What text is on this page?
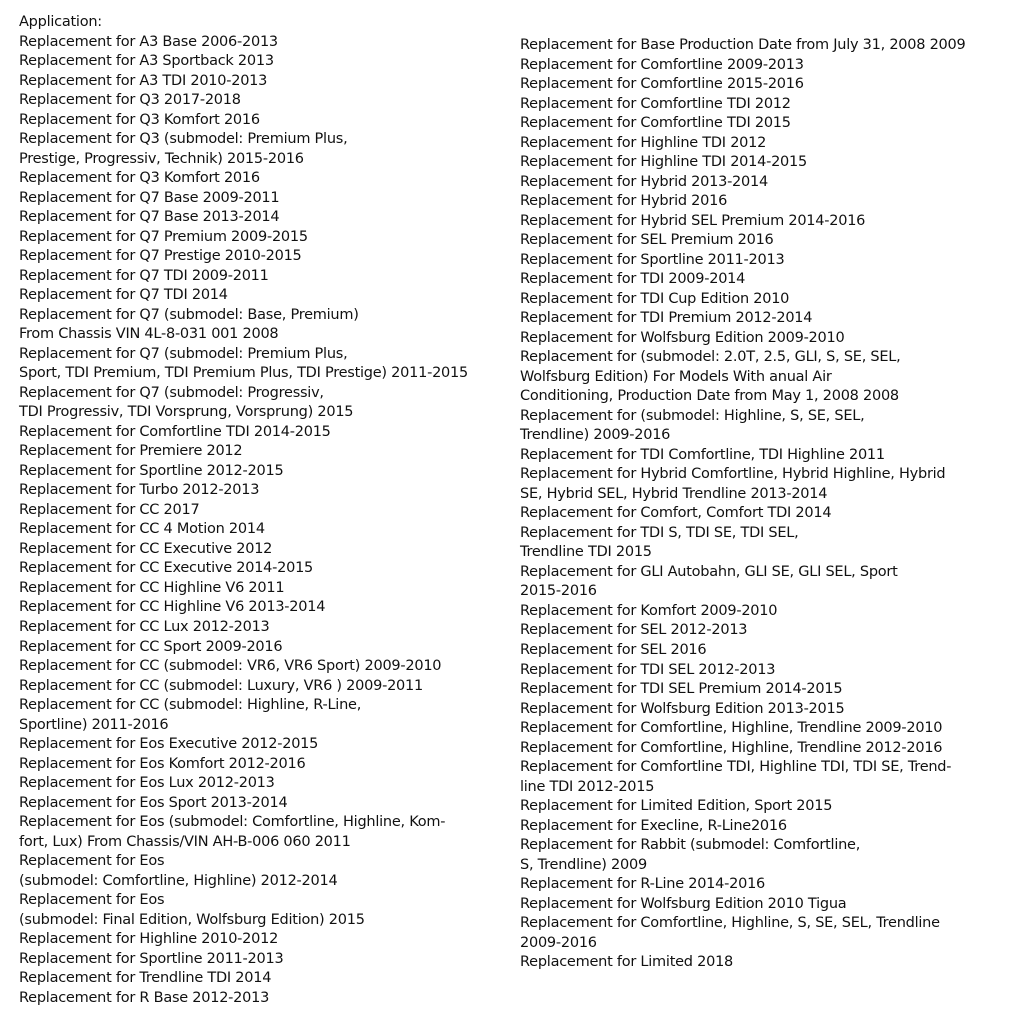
Application:
Replacement for A3 Base 2006-2013
Replacement for A3 Sportback 2013
Replacement for A3 TDI 2010-2013
Replacement for Q3 2017-2018
Replacement for Q3 Komfort 2016
Replacement for Q3 (submodel: Premium Plus,
Prestige, Progressiv, Technik) 2015-2016
Replacement for Q3 Komfort 2016
Replacement for Q7 Base 2009-2011
Replacement for Q7 Base 2013-2014
Replacement for Q7 Premium 2009-2015
Replacement for Q7 Prestige 2010-2015
Replacement for Q7 TDI 2009-2011
Replacement for Q7 TDI 2014
Replacement for Q7 (submodel: Base, Premium)
From Chassis VIN 4L-8-031 001 2008
Replacement for Q7 (submodel: Premium Plus,
Sport, TDI Premium, TDI Premium Plus, TDI Prestige) 2011-2015
Replacement for Q7 (submodel: Progressiv,
TDI Progressiv, TDI Vorsprung, Vorsprung) 2015
Replacement for Comfortline TDI 2014-2015
Replacement for Premiere 2012
Replacement for Sportline 2012-2015
Replacement for Turbo 2012-2013
Replacement for CC 2017
Replacement for CC 4 Motion 2014
Replacement for CC Executive 2012
Replacement for CC Executive 2014-2015
Replacement for CC Highline V6 2011
Replacement for CC Highline V6 2013-2014
Replacement for CC Lux 2012-2013
Replacement for CC Sport 2009-2016
Replacement for CC (submodel: VR6, VR6 Sport) 2009-2010
Replacement for CC (submodel: Luxury, VR6 ) 2009-2011
Replacement for CC (submodel: Highline, R-Line,
Sportline) 2011-2016
Replacement for Eos Executive 2012-2015
Replacement for Eos Komfort 2012-2016
Replacement for Eos Lux 2012-2013
Replacement for Eos Sport 2013-2014
Replacement for Eos (submodel: Comfortline, Highline, Kom-
fort, Lux) From Chassis/VIN AH-B-006 060 2011
Replacement for Eos
(submodel: Comfortline, Highline) 2012-2014
Replacement for Eos
(submodel: Final Edition, Wolfsburg Edition) 2015
Replacement for Highline 2010-2012
Replacement for Sportline 2011-2013
Replacement for Trendline TDI 2014
Replacement for R Base 2012-2013
Replacement for Base Production Date from July 31, 2008 2009
Replacement for Comfortline 2009-2013
Replacement for Comfortline 2015-2016
Replacement for Comfortline TDI 2012
Replacement for Comfortline TDI 2015
Replacement for Highline TDI 2012
Replacement for Highline TDI 2014-2015
Replacement for Hybrid 2013-2014
Replacement for Hybrid 2016
Replacement for Hybrid SEL Premium 2014-2016
Replacement for SEL Premium 2016
Replacement for Sportline 2011-2013
Replacement for TDI 2009-2014
Replacement for TDI Cup Edition 2010
Replacement for TDI Premium 2012-2014
Replacement for Wolfsburg Edition 2009-2010
Replacement for (submodel: 2.0T, 2.5, GLI, S, SE, SEL,
Wolfsburg Edition) For Models With anual Air
Conditioning, Production Date from May 1, 2008 2008
Replacement for (submodel: Highline, S, SE, SEL,
Trendline) 2009-2016
Replacement for TDI Comfortline, TDI Highline 2011
Replacement for Hybrid Comfortline, Hybrid Highline, Hybrid
SE, Hybrid SEL, Hybrid Trendline 2013-2014
Replacement for Comfort, Comfort TDI 2014
Replacement for TDI S, TDI SE, TDI SEL,
Trendline TDI 2015
Replacement for GLI Autobahn, GLI SE, GLI SEL, Sport
2015-2016
Replacement for Komfort 2009-2010
Replacement for SEL 2012-2013
Replacement for SEL 2016
Replacement for TDI SEL 2012-2013
Replacement for TDI SEL Premium 2014-2015
Replacement for Wolfsburg Edition 2013-2015
Replacement for Comfortline, Highline, Trendline 2009-2010
Replacement for Comfortline, Highline, Trendline 2012-2016
Replacement for Comfortline TDI, Highline TDI, TDI SE, Trend-
line TDI 2012-2015
Replacement for Limited Edition, Sport 2015
Replacement for Execline, R-Line2016
Replacement for Rabbit (submodel: Comfortline,
S, Trendline) 2009
Replacement for R-Line 2014-2016
Replacement for Wolfsburg Edition 2010 Tigua
Replacement for Comfortline, Highline, S, SE, SEL, Trendline
2009-2016
Replacement for Limited 2018
